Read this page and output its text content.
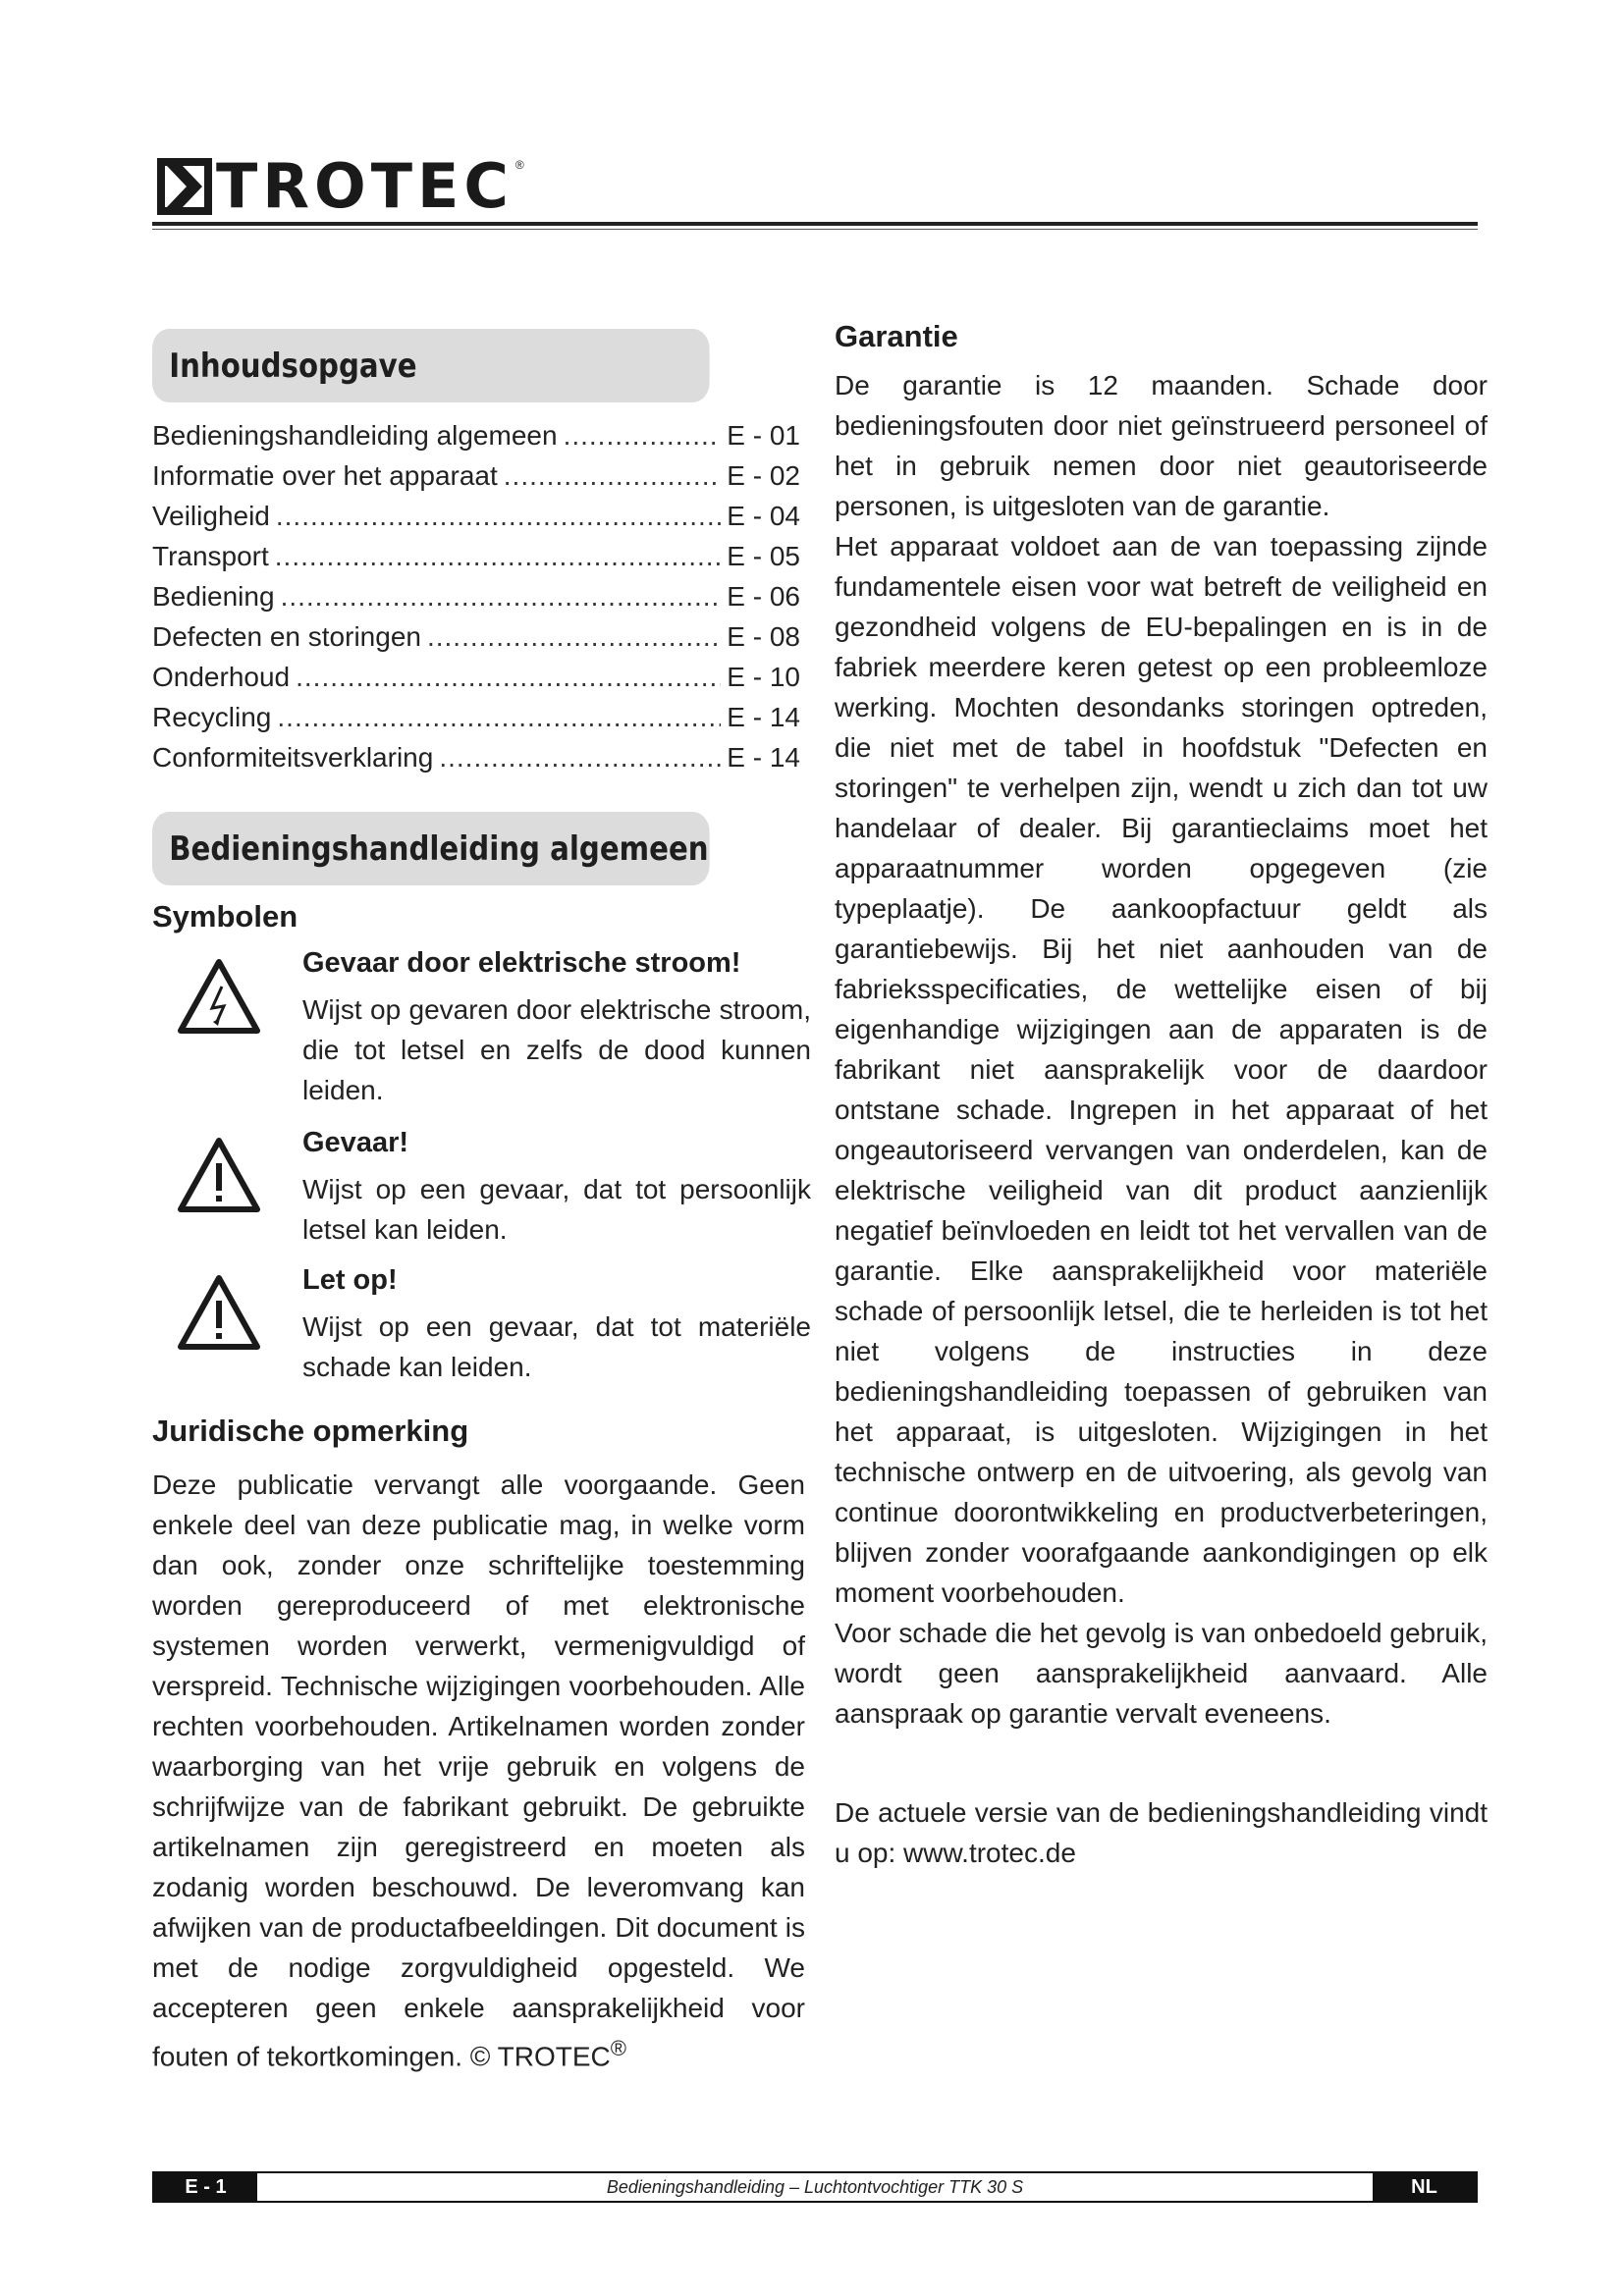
TROTEC ®
Inhoudsopgave
Bedieningshandleiding algemeen .....	E - 01
Informatie over het apparaat .....	E - 02
Veiligheid .....	E - 04
Transport .....	E - 05
Bediening .....	E - 06
Defecten en storingen .....	E - 08
Onderhoud .....	E - 10
Recycling .....	E - 14
Conformiteitsverklaring .....	E - 14
Bedieningshandleiding algemeen
Symbolen
Gevaar door elektrische stroom!
Wijst op gevaren door elektrische stroom, die tot letsel en zelfs de dood kunnen leiden.
Gevaar!
Wijst op een gevaar, dat tot persoonlijk letsel kan leiden.
Let op!
Wijst op een gevaar, dat tot materiële schade kan leiden.
Juridische opmerking

Deze publicatie vervangt alle voorgaande. Geen enkele deel van deze publicatie mag, in welke vorm dan ook, zonder onze schriftelijke toestemming worden gereproduceerd of met elektronische systemen worden verwerkt, vermenigvuldigd of verspreid. Technische wijzigingen voorbehouden. Alle rechten voorbehouden. Artikelnamen worden zonder waarborging van het vrije gebruik en volgens de schrijfwijze van de fabrikant gebruikt. De gebruikte artikelnamen zijn geregistreerd en moeten als zodanig worden beschouwd. De leveromvang kan afwijken van de productafbeeldingen. Dit document is met de nodige zorgvuldigheid opgesteld. We accepteren geen enkele aansprakelijkheid voor fouten of tekortkomingen. © TROTEC®

Garantie

De garantie is 12 maanden. Schade door bedieningsfouten door niet geïnstrueerd personeel of het in gebruik nemen door niet geautoriseerde personen, is uitgesloten van de garantie.

Het apparaat voldoet aan de van toepassing zijnde fundamentele eisen voor wat betreft de veiligheid en gezondheid volgens de EU-bepalingen en is in de fabriek meerdere keren getest op een probleemloze werking. Mochten desondanks storingen optreden, die niet met de tabel in hoofdstuk "Defecten en storingen" te verhelpen zijn, wendt u zich dan tot uw handelaar of dealer. Bij garantieclaims moet het apparaatnummer worden opgegeven (zie typeplaatje). De aankoopfactuur geldt als garantiebewijs. Bij het niet aanhouden van de fabrieksspecificaties, de wettelijke eisen of bij eigenhandige wijzigingen aan de apparaten is de fabrikant niet aansprakelijk voor de daardoor ontstane schade. Ingrepen in het apparaat of het ongeautoriseerd vervangen van onderdelen, kan de elektrische veiligheid van dit product aanzienlijk negatief beïnvloeden en leidt tot het vervallen van de garantie. Elke aansprakelijkheid voor materiële schade of persoonlijk letsel, die te herleiden is tot het niet volgens de instructies in deze bedieningshandleiding toepassen of gebruiken van het apparaat, is uitgesloten. Wijzigingen in het technische ontwerp en de uitvoering, als gevolg van continue doorontwikkeling en productverbeteringen, blijven zonder voorafgaande aankondigingen op elk moment voorbehouden.

Voor schade die het gevolg is van onbedoeld gebruik, wordt geen aansprakelijkheid aanvaard. Alle aanspraak op garantie vervalt eveneens.

De actuele versie van de bedieningshandleiding vindt u op: www.trotec.de

E - 1	Bedieningshandleiding – Luchtontvochtiger TTK 30 S	NL
